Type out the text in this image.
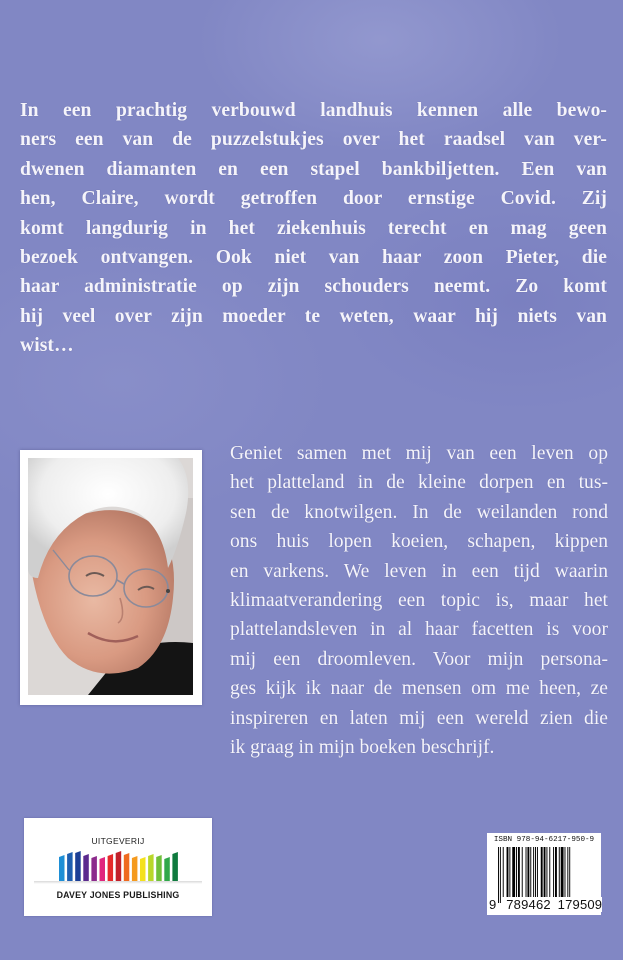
In een prachtig verbouwd landhuis kennen alle bewo-
ners een van de puzzelstukjes over het raadsel van ver-
dwenen diamanten en een stapel bankbiljetten. Een van
hen, Claire, wordt getroffen door ernstige Covid. Zij
komt langdurig in het ziekenhuis terecht en mag geen
bezoek ontvangen. Ook niet van haar zoon Pieter, die
haar administratie op zijn schouders neemt. Zo komt
hij veel over zijn moeder te weten, waar hij niets van
wist…
Geniet samen met mij van een leven op
het platteland in de kleine dorpen en tus-
sen de knotwilgen. In de weilanden rond
ons huis lopen koeien, schapen, kippen
en varkens. We leven in een tijd waarin
klimaatverandering een topic is, maar het
plattelandsleven in al haar facetten is voor
mij een droomleven. Voor mijn persona-
ges kijk ik naar de mensen om me heen, ze
inspireren en laten mij een wereld zien die
ik graag in mijn boeken beschrijf.
UITGEVERIJ
DAVEY JONES PUBLISHING
ISBN 978-94-6217-950-9
9 789462 179509
